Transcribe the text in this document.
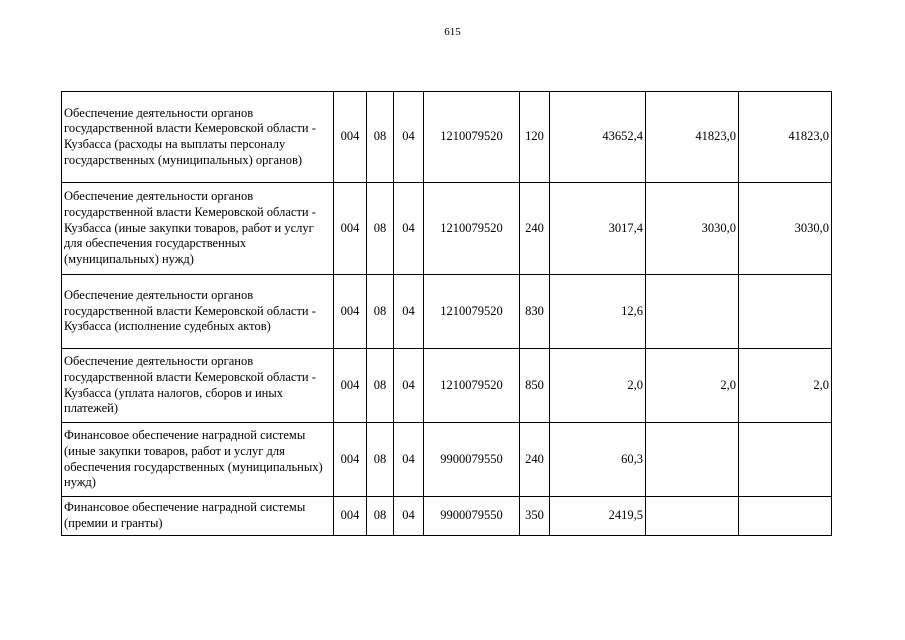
615
Обеспечение деятельности органов государственной власти Кемеровской области - Кузбасса (расходы на выплаты персоналу государственных (муниципальных) органов)	004	08	04	1210079520	120	43652,4	41823,0	41823,0
Обеспечение деятельности органов государственной власти Кемеровской области - Кузбасса (иные закупки товаров, работ и услуг для обеспечения государственных (муниципальных) нужд)	004	08	04	1210079520	240	3017,4	3030,0	3030,0
Обеспечение деятельности органов государственной власти Кемеровской области - Кузбасса (исполнение судебных актов)	004	08	04	1210079520	830	12,6		
Обеспечение деятельности органов государственной власти Кемеровской области - Кузбасса (уплата налогов, сборов и иных платежей)	004	08	04	1210079520	850	2,0	2,0	2,0
Финансовое обеспечение наградной системы (иные закупки товаров, работ и услуг для обеспечения государственных (муниципальных) нужд)	004	08	04	9900079550	240	60,3		
Финансовое обеспечение наградной системы (премии и гранты)	004	08	04	9900079550	350	2419,5		
